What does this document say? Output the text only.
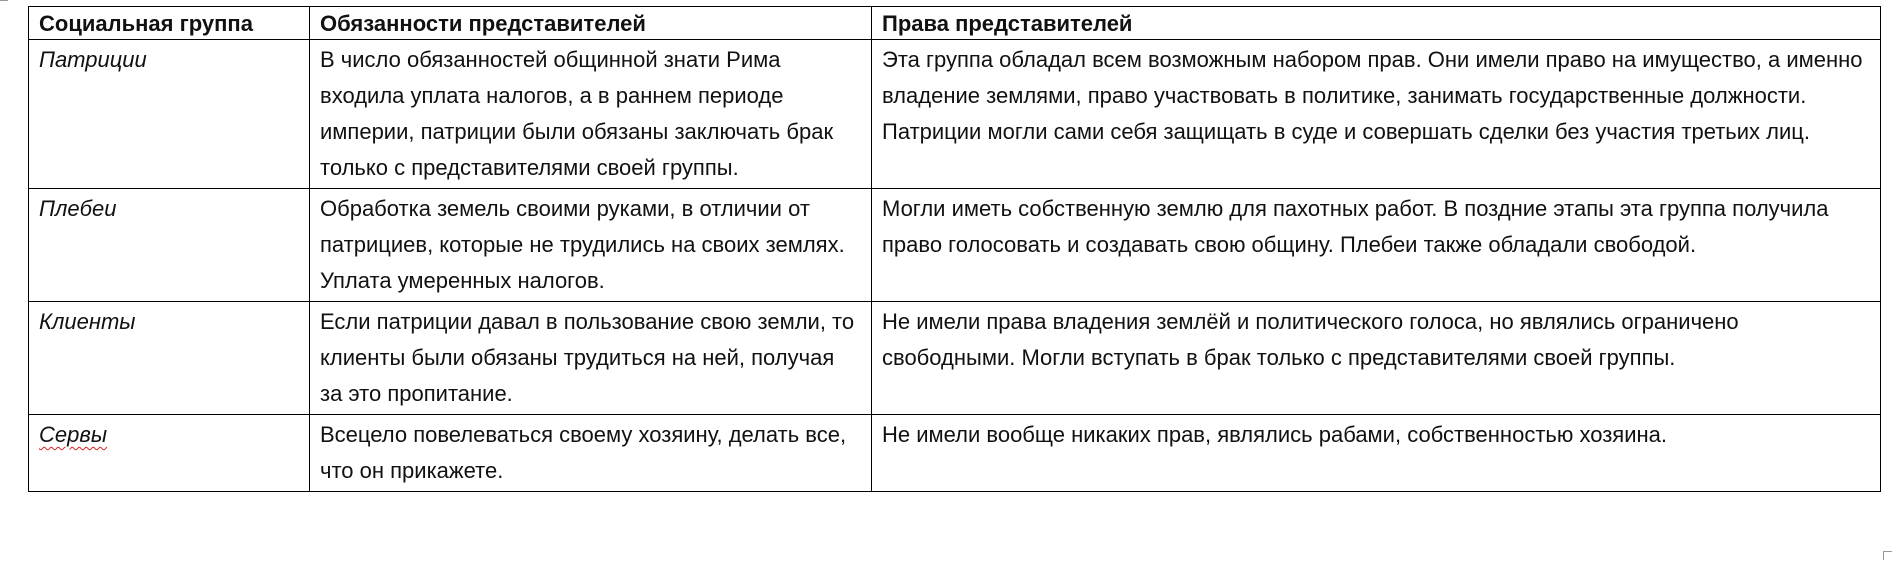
Социальная группа	Обязанности представителей	Права представителей
Патриции	В число обязанностей общинной знати Рима входила уплата налогов, а в раннем периоде империи, патриции были обязаны заключать брак только с представителями своей группы.	Эта группа обладал всем возможным набором прав. Они имели право на имущество, а именно владение землями, право участвовать в политике, занимать государственные должности. Патриции могли сами себя защищать в суде и совершать сделки без участия третьих лиц.
Плебеи	Обработка земель своими руками, в отличии от патрициев, которые не трудились на своих землях. Уплата умеренных налогов.	Могли иметь собственную землю для пахотных работ. В поздние этапы эта группа получила право голосовать и создавать свою общину. Плебеи также обладали свободой.
Клиенты	Если патриции давал в пользование свою земли, то клиенты были обязаны трудиться на ней, получая за это пропитание.	Не имели права владения землёй и политического голоса, но являлись ограничено свободными. Могли вступать в брак только с представителями своей группы.
Сервы	Всецело повелеваться своему хозяину, делать все, что он прикажете.	Не имели вообще никаких прав, являлись рабами, собственностью хозяина.
